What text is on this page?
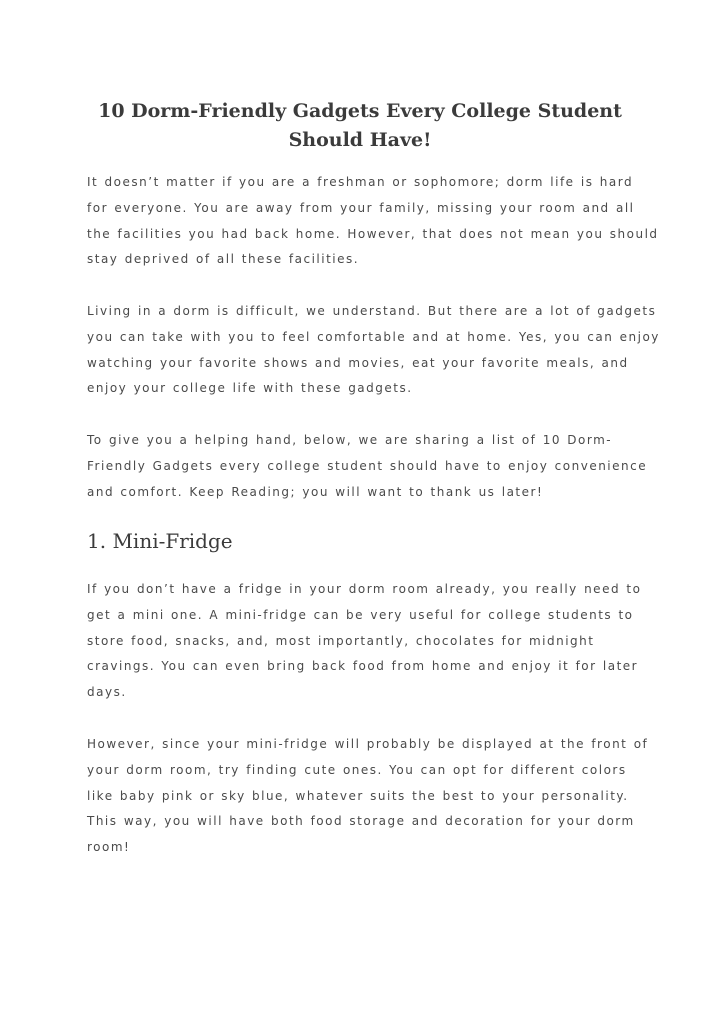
10 Dorm-Friendly Gadgets Every College Student
Should Have!

It doesn’t matter if you are a freshman or sophomore; dorm life is hard
for everyone. You are away from your family, missing your room and all
the facilities you had back home. However, that does not mean you should
stay deprived of all these facilities.

Living in a dorm is difficult, we understand. But there are a lot of gadgets
you can take with you to feel comfortable and at home. Yes, you can enjoy
watching your favorite shows and movies, eat your favorite meals, and
enjoy your college life with these gadgets.

To give you a helping hand, below, we are sharing a list of 10 Dorm-
Friendly Gadgets every college student should have to enjoy convenience
and comfort. Keep Reading; you will want to thank us later!

1. Mini-Fridge

If you don’t have a fridge in your dorm room already, you really need to
get a mini one. A mini-fridge can be very useful for college students to
store food, snacks, and, most importantly, chocolates for midnight
cravings. You can even bring back food from home and enjoy it for later
days.

However, since your mini-fridge will probably be displayed at the front of
your dorm room, try finding cute ones. You can opt for different colors
like baby pink or sky blue, whatever suits the best to your personality.
This way, you will have both food storage and decoration for your dorm
room!
